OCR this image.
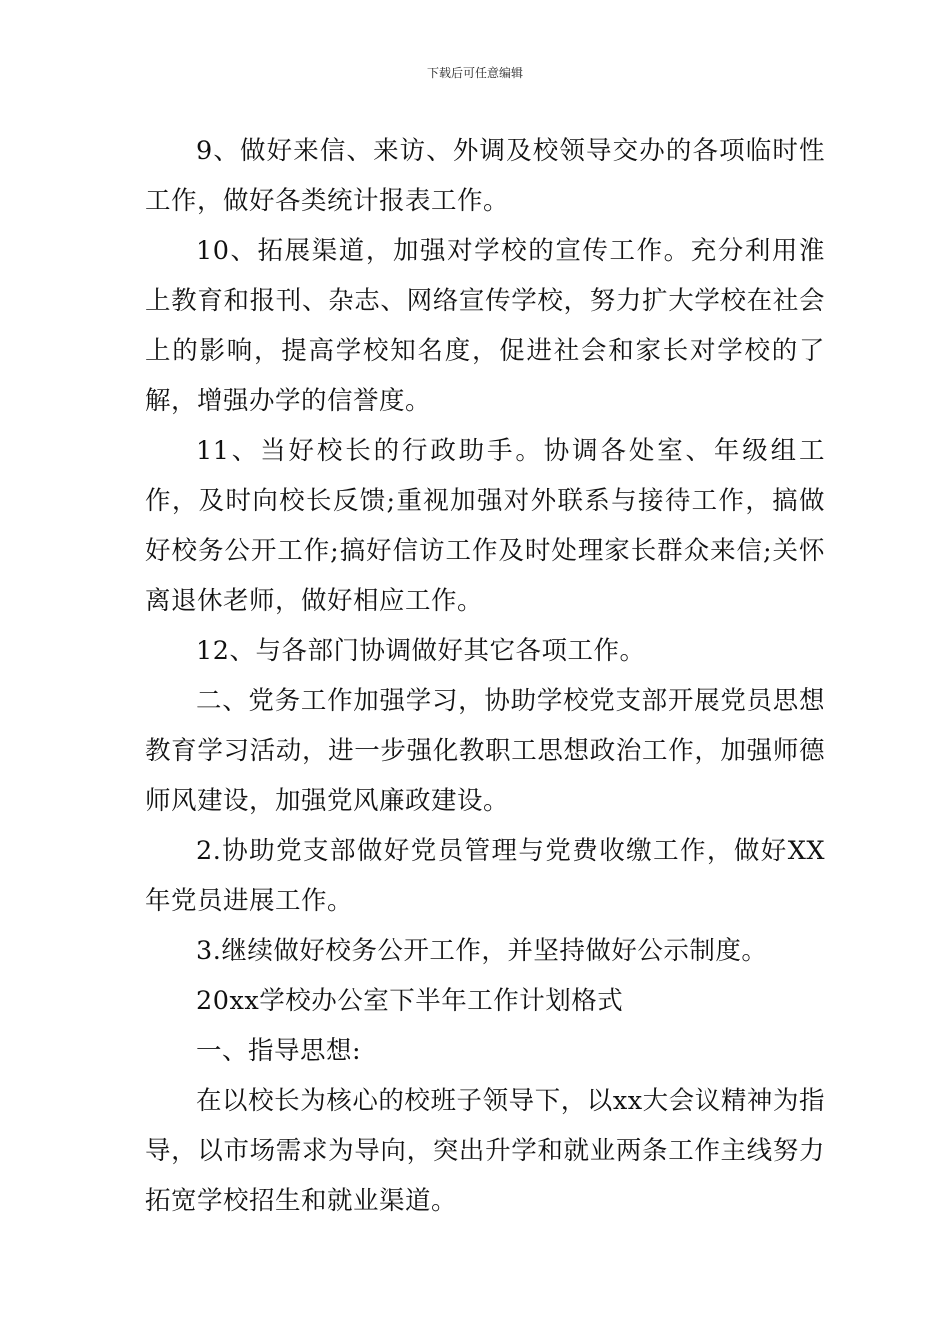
下载后可任意编辑

9、做好来信、来访、外调及校领导交办的各项临时性工作，做好各类统计报表工作。

10、拓展渠道，加强对学校的宣传工作。充分利用淮上教育和报刊、杂志、网络宣传学校，努力扩大学校在社会上的影响，提高学校知名度，促进社会和家长对学校的了解，增强办学的信誉度。

11、当好校长的行政助手。协调各处室、年级组工作，及时向校长反馈;重视加强对外联系与接待工作，搞做好校务公开工作;搞好信访工作及时处理家长群众来信;关怀离退休老师，做好相应工作。

12、与各部门协调做好其它各项工作。

二、党务工作加强学习，协助学校党支部开展党员思想教育学习活动，进一步强化教职工思想政治工作，加强师德师风建设，加强党风廉政建设。

2.协助党支部做好党员管理与党费收缴工作，做好XX年党员进展工作。

3.继续做好校务公开工作，并坚持做好公示制度。

20xx学校办公室下半年工作计划格式

一、指导思想:

在以校长为核心的校班子领导下，以xx大会议精神为指导，以市场需求为导向，突出升学和就业两条工作主线努力拓宽学校招生和就业渠道。
